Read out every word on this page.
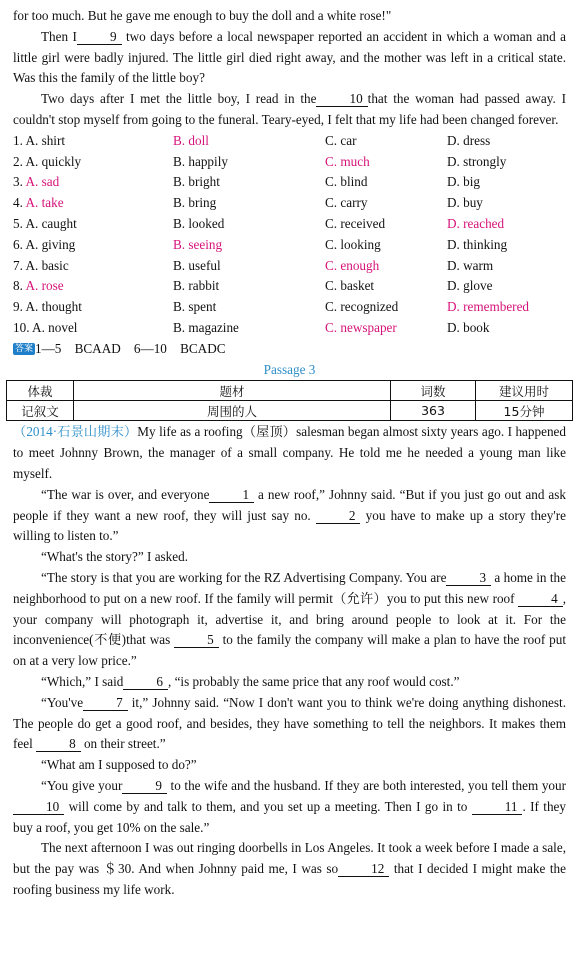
for too much. But he gave me enough to buy the doll and a white rose!"

Then I	9 two days before a local newspaper reported an accident in which a woman and a little girl were badly injured. The little girl died right away, and the mother was left in a critical state. Was this the family of the little boy?

Two days after I met the little boy, I read in the	10 that the woman had passed away. I couldn't stop myself from going to the funeral. Teary-eyed, I felt that my life had been changed forever.

1. A. shirt	B. doll	C. car	D. dress
2. A. quickly	B. happily	C. much	D. strongly
3. A. sad	B. bright	C. blind	D. big
4. A. take	B. bring	C. carry	D. buy
5. A. caught	B. looked	C. received	D. reached
6. A. giving	B. seeing	C. looking	D. thinking
7. A. basic	B. useful	C. enough	D. warm
8. A. rose	B. rabbit	C. basket	D. glove
9. A. thought	B. spent	C. recognized	D. remembered
10. A. novel	B. magazine	C. newspaper	D. book
答案 1—5　BCAAD　6—10　BCADC
Passage 3
体裁	题材	词数	建议用时
记叙文	周围的人	363	15分钟

（2014·石景山期末）My life as a roofing（屋顶）salesman began almost sixty years ago. I happened to meet Johnny Brown, the manager of a small company. He told me he needed a young man like myself.

“The war is over, and everyone	1 a new roof,” Johnny said. “But if you just go out and ask people if they want a new roof, they will just say no.	2 you have to make up a story they're willing to listen to.”

“What's the story?” I asked.

“The story is that you are working for the RZ Advertising Company. You are	3 a home in the neighborhood to put on a new roof. If the family will permit（允许）you to put this new roof	4 , your company will photograph it, advertise it, and bring around people to look at it. For the inconvenience(不便)that was	5 to the family the company will make a plan to have the roof put on at a very low price.”

“Which,” I said	6 , “is probably the same price that any roof would cost.”

“You've	7 it,” Johnny said. “Now I don't want you to think we're doing anything dishonest. The people do get a good roof, and besides, they have something to tell the neighbors. It makes them feel	8 on their street.”

“What am I supposed to do?”

“You give your	9 to the wife and the husband. If they are both interested, you tell them your 10 will come by and talk to them, and you set up a meeting. Then I go in to	11 . If they buy a roof, you get 10% on the sale.”

The next afternoon I was out ringing doorbells in Los Angeles. It took a week before I made a sale, but the pay was ＄30. And when Johnny paid me, I was so	12 that I decided I might make the roofing business my life work.
